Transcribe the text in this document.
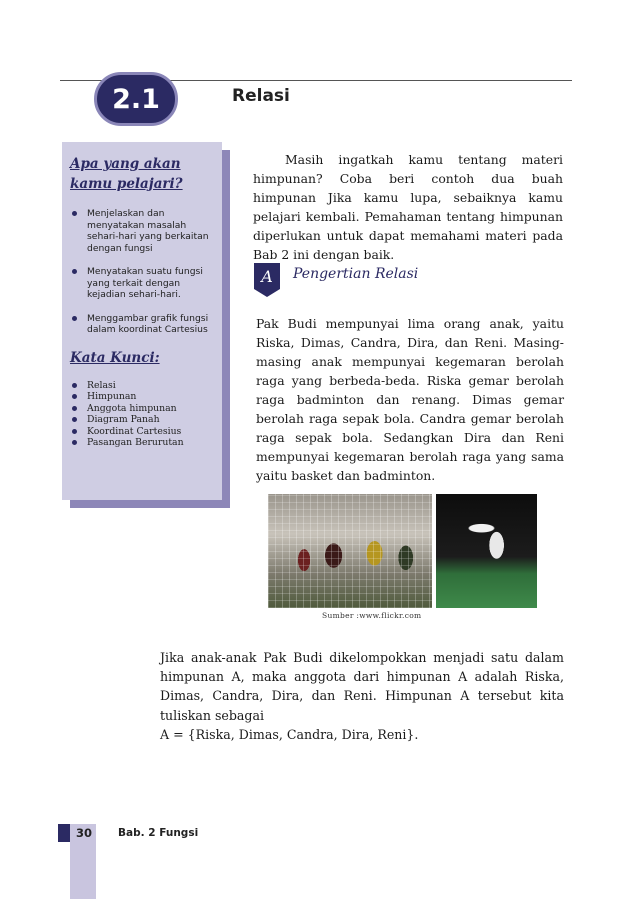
2.1	Relasi

Apa yang akan kamu pelajari?

Menjelaskan dan menyatakan masalah sehari-hari yang berkaitan dengan fungsi
Menyatakan suatu fungsi yang terkait dengan kejadian sehari-hari.
Menggambar grafik fungsi dalam koordinat Cartesius

Kata Kunci:

Relasi
Himpunan
Anggota himpunan
Diagram Panah
Koordinat Cartesius
Pasangan Berurutan

Masih ingatkah kamu tentang materi himpunan? Coba beri contoh dua buah himpunan Jika kamu lupa, sebaiknya kamu pelajari kembali. Pemahaman tentang himpunan diperlukan untuk dapat memahami materi pada Bab 2 ini dengan baik.

A	Pengertian Relasi

Pak Budi mempunyai lima orang anak, yaitu Riska, Dimas, Candra, Dira, dan Reni. Masing-masing anak mempunyai kegemaran berolah raga yang berbeda-beda. Riska gemar berolah raga badminton dan renang. Dimas gemar berolah raga sepak bola. Candra gemar berolah raga sepak bola. Sedangkan Dira dan Reni mempunyai kegemaran berolah raga yang sama yaitu basket dan badminton.

Sumber :www.flickr.com

Jika anak-anak Pak Budi dikelompokkan menjadi satu dalam himpunan A, maka anggota dari himpunan A adalah Riska, Dimas, Candra, Dira, dan Reni. Himpunan A tersebut kita tuliskan sebagai
A = {Riska, Dimas, Candra, Dira, Reni}.

30 Bab. 2 Fungsi
